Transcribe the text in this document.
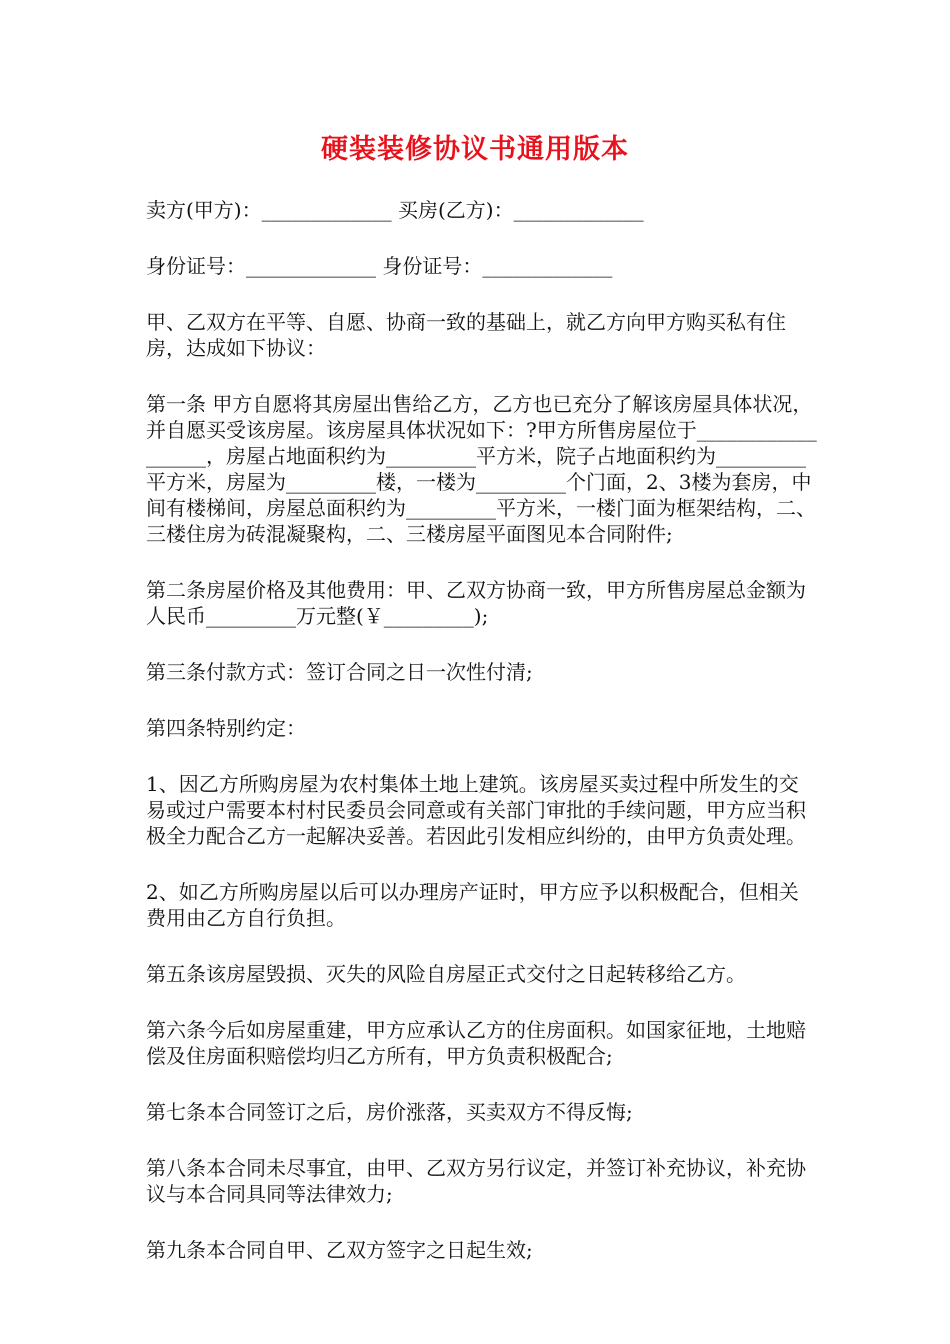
硬装装修协议书通用版本

卖方(甲方)：_____________ 买房(乙方)：_____________

身份证号：_____________ 身份证号：_____________

甲、乙双方在平等、自愿、协商一致的基础上，就乙方向甲方购买私有住房，达成如下协议：

第一条 甲方自愿将其房屋出售给乙方，乙方也已充分了解该房屋具体状况，并自愿买受该房屋。该房屋具体状况如下：?甲方所售房屋位于__________________，房屋占地面积约为_________平方米，院子占地面积约为_________平方米，房屋为_________楼，一楼为_________个门面，2、3楼为套房，中间有楼梯间，房屋总面积约为_________平方米，一楼门面为框架结构，二、三楼住房为砖混凝聚构，二、三楼房屋平面图见本合同附件;

第二条房屋价格及其他费用：甲、乙双方协商一致，甲方所售房屋总金额为人民币_________万元整(￥_________);

第三条付款方式：签订合同之日一次性付清;

第四条特别约定：

1、因乙方所购房屋为农村集体土地上建筑。该房屋买卖过程中所发生的交易或过户需要本村村民委员会同意或有关部门审批的手续问题，甲方应当积极全力配合乙方一起解决妥善。若因此引发相应纠纷的，由甲方负责处理。

2、如乙方所购房屋以后可以办理房产证时，甲方应予以积极配合，但相关费用由乙方自行负担。

第五条该房屋毁损、灭失的风险自房屋正式交付之日起转移给乙方。

第六条今后如房屋重建，甲方应承认乙方的住房面积。如国家征地，土地赔偿及住房面积赔偿均归乙方所有，甲方负责积极配合;

第七条本合同签订之后，房价涨落，买卖双方不得反悔;

第八条本合同未尽事宜，由甲、乙双方另行议定，并签订补充协议，补充协议与本合同具同等法律效力;

第九条本合同自甲、乙双方签字之日起生效;
